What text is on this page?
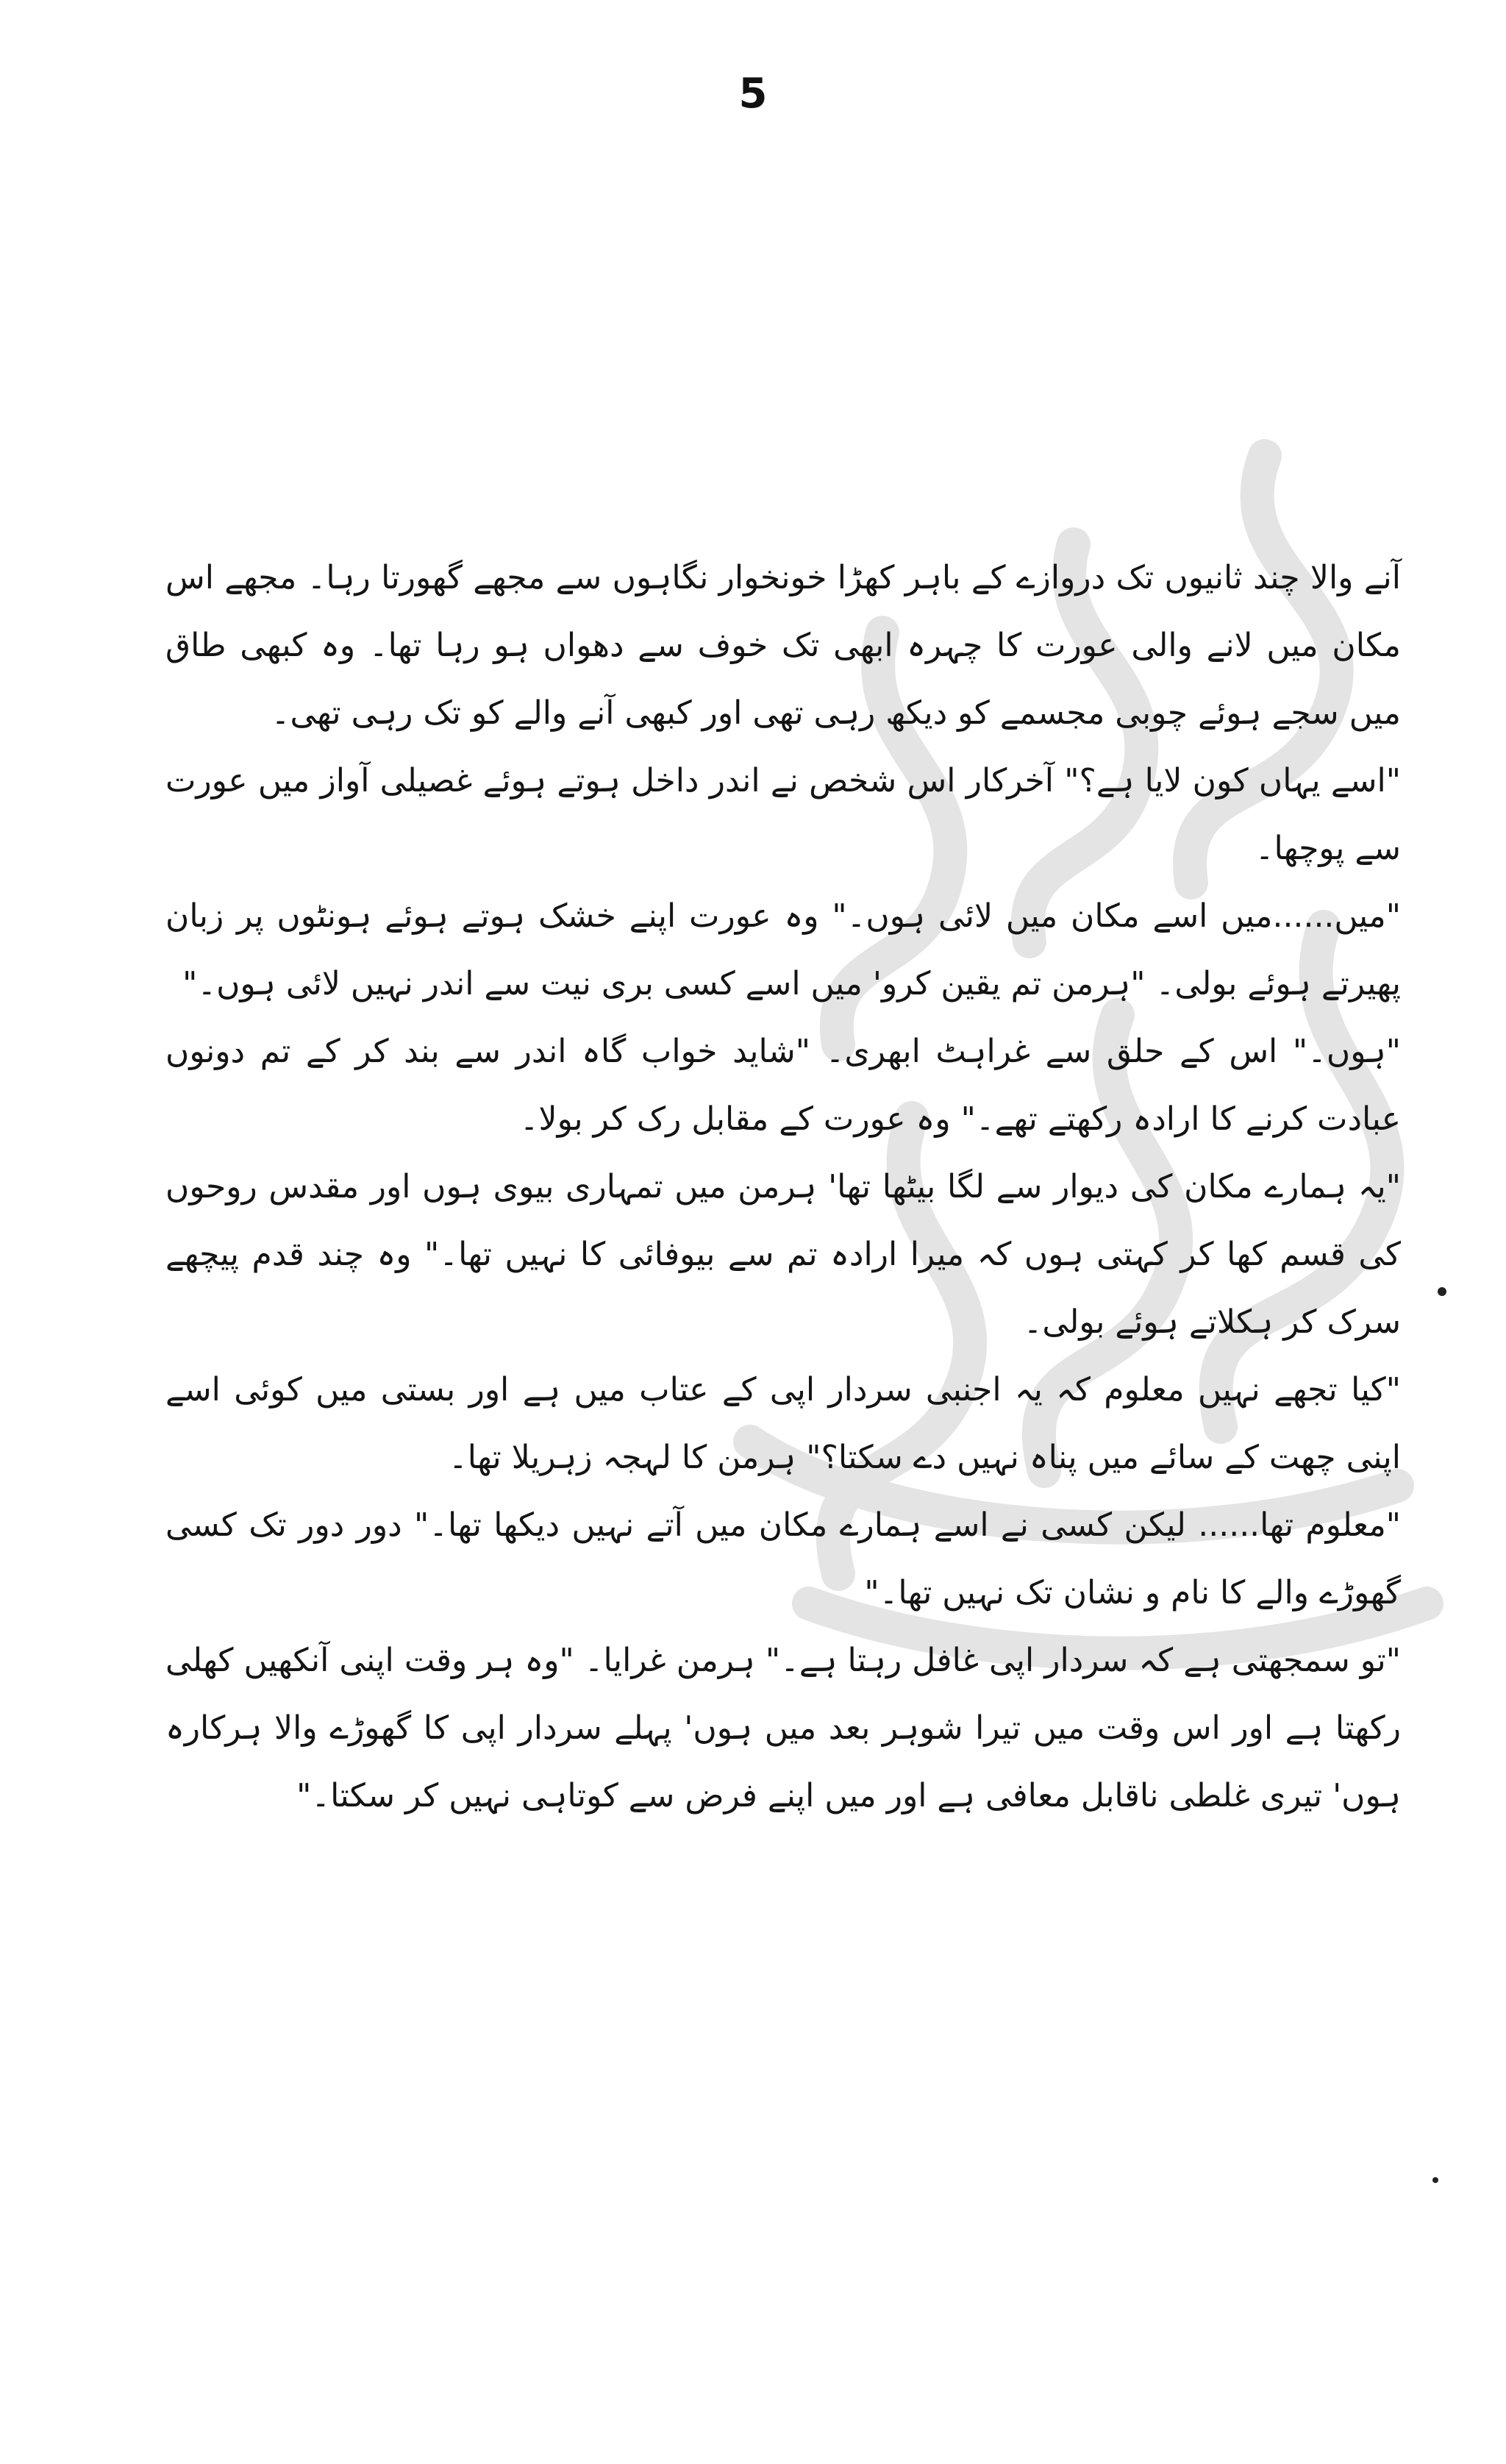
5

آنے والا چند ثانیوں تک دروازے کے باہر کھڑا خونخوار نگاہوں سے مجھے گھورتا رہا۔ مجھے اس مکان میں لانے والی عورت کا چہرہ ابھی تک خوف سے دھواں ہو رہا تھا۔ وہ کبھی طاق میں سجے ہوئے چوبی مجسمے کو دیکھ رہی تھی اور کبھی آنے والے کو تک رہی تھی۔

"اسے یہاں کون لایا ہے؟" آخرکار اس شخص نے اندر داخل ہوتے ہوئے غصیلی آواز میں عورت سے پوچھا۔

"میں......میں اسے مکان میں لائی ہوں۔" وہ عورت اپنے خشک ہوتے ہوئے ہونٹوں پر زبان پھیرتے ہوئے بولی۔ "ہرمن تم یقین کرو' میں اسے کسی بری نیت سے اندر نہیں لائی ہوں۔"

"ہوں۔" اس کے حلق سے غراہٹ ابھری۔ "شاید خواب گاہ اندر سے بند کر کے تم دونوں عبادت کرنے کا ارادہ رکھتے تھے۔" وہ عورت کے مقابل رک کر بولا۔

"یہ ہمارے مکان کی دیوار سے لگا بیٹھا تھا' ہرمن میں تمہاری بیوی ہوں اور مقدس روحوں کی قسم کھا کر کہتی ہوں کہ میرا ارادہ تم سے بیوفائی کا نہیں تھا۔" وہ چند قدم پیچھے سرک کر ہکلاتے ہوئے بولی۔

"کیا تجھے نہیں معلوم کہ یہ اجنبی سردار اپی کے عتاب میں ہے اور بستی میں کوئی اسے اپنی چھت کے سائے میں پناہ نہیں دے سکتا؟" ہرمن کا لہجہ زہریلا تھا۔

"معلوم تھا...... لیکن کسی نے اسے ہمارے مکان میں آتے نہیں دیکھا تھا۔" دور دور تک کسی گھوڑے والے کا نام و نشان تک نہیں تھا۔"

"تو سمجھتی ہے کہ سردار اپی غافل رہتا ہے۔" ہرمن غرایا۔ "وہ ہر وقت اپنی آنکھیں کھلی رکھتا ہے اور اس وقت میں تیرا شوہر بعد میں ہوں' پہلے سردار اپی کا گھوڑے والا ہرکارہ ہوں' تیری غلطی ناقابل معافی ہے اور میں اپنے فرض سے کوتاہی نہیں کر سکتا۔"
